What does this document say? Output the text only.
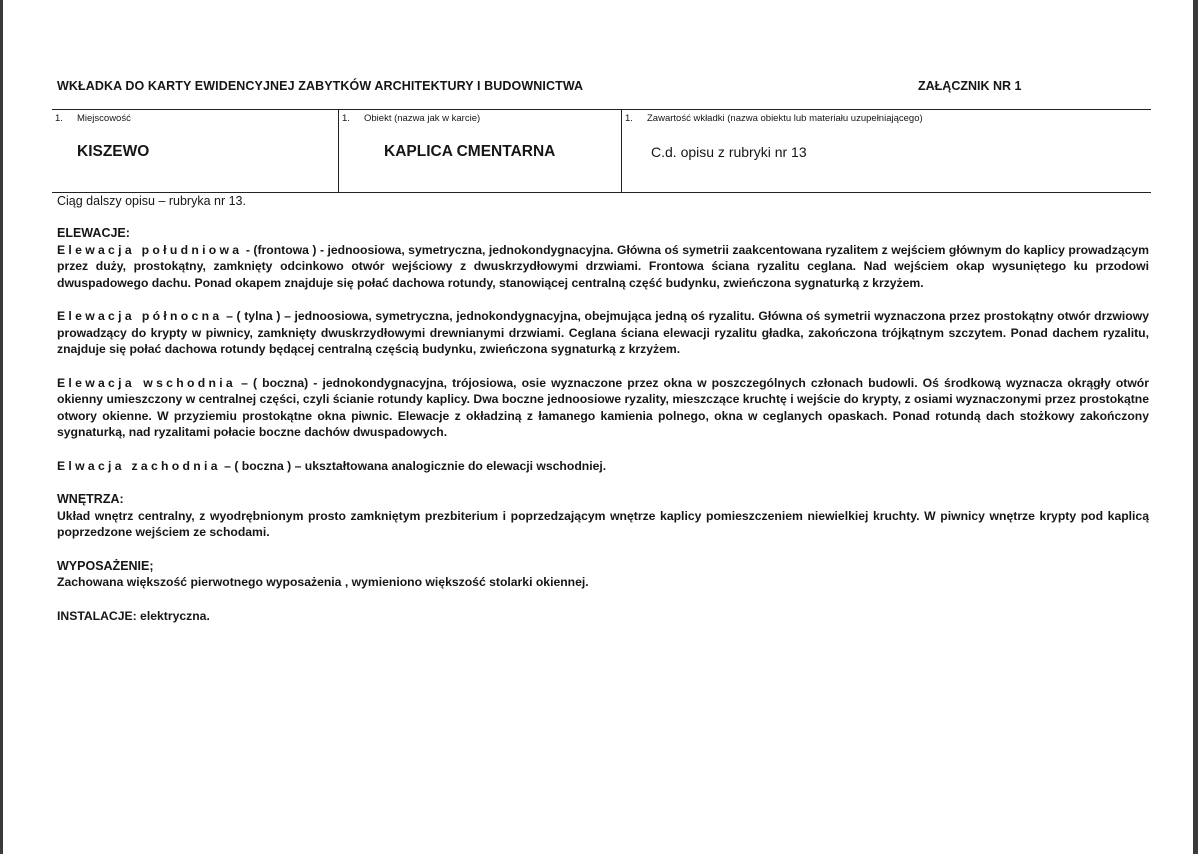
WKŁADKA DO KARTY EWIDENCYJNEJ ZABYTKÓW ARCHITEKTURY I BUDOWNICTWA	ZAŁĄCZNIK NR 1
1. Miejscowość
KISZEWO
1. Obiekt (nazwa jak w karcie)
KAPLICA CMENTARNA
1. Zawartość wkładki (nazwa obiektu lub materiału uzupełniającego)
C.d. opisu z rubryki nr 13
Ciąg dalszy opisu – rubryka nr 13.
ELEWACJE:

Elewacja południowa - (frontowa ) - jednoosiowa, symetryczna, jednokondygnacyjna. Główna oś symetrii zaakcentowana ryzalitem z wejściem głównym do kaplicy prowadzącym przez duży, prostokątny, zamknięty odcinkowo otwór wejściowy z dwuskrzydłowymi drzwiami. Frontowa ściana ryzalitu ceglana. Nad wejściem okap wysuniętego ku przodowi dwuspadowego dachu. Ponad okapem znajduje się połać dachowa rotundy, stanowiącej centralną część budynku, zwieńczona sygnaturką z krzyżem.

Elewacja północna – ( tylna ) – jednoosiowa, symetryczna, jednokondygnacyjna, obejmująca jedną oś ryzalitu. Główna oś symetrii wyznaczona przez prostokątny otwór drzwiowy prowadzący do krypty w piwnicy, zamknięty dwuskrzydłowymi drewnianymi drzwiami. Ceglana ściana elewacji ryzalitu gładka, zakończona trójkątnym szczytem. Ponad dachem ryzalitu, znajduje się połać dachowa rotundy będącej centralną częścią budynku, zwieńczona sygnaturką z krzyżem.

Elewacja wschodnia – ( boczna) - jednokondygnacyjna, trójosiowa, osie wyznaczone przez okna w poszczególnych członach budowli. Oś środkową wyznacza okrągły otwór okienny umieszczony w centralnej części, czyli ścianie rotundy kaplicy. Dwa boczne jednoosiowe ryzality, mieszczące kruchtę i wejście do krypty, z osiami wyznaczonymi przez prostokątne otwory okienne. W przyziemiu prostokątne okna piwnic. Elewacje z okładziną z łamanego kamienia polnego, okna w ceglanych opaskach. Ponad rotundą dach stożkowy zakończony sygnaturką, nad ryzalitami połacie boczne dachów dwuspadowych.

Elwacja zachodnia – ( boczna ) – ukształtowana analogicznie do elewacji wschodniej.

WNĘTRZA:

Układ wnętrz centralny, z wyodrębnionym prosto zamkniętym prezbiterium i poprzedzającym wnętrze kaplicy pomieszczeniem niewielkiej kruchty. W piwnicy wnętrze krypty pod kaplicą poprzedzone wejściem ze schodami.

WYPOSAŻENIE;

Zachowana większość pierwotnego wyposażenia , wymieniono większość stolarki okiennej.

INSTALACJE: elektryczna.
